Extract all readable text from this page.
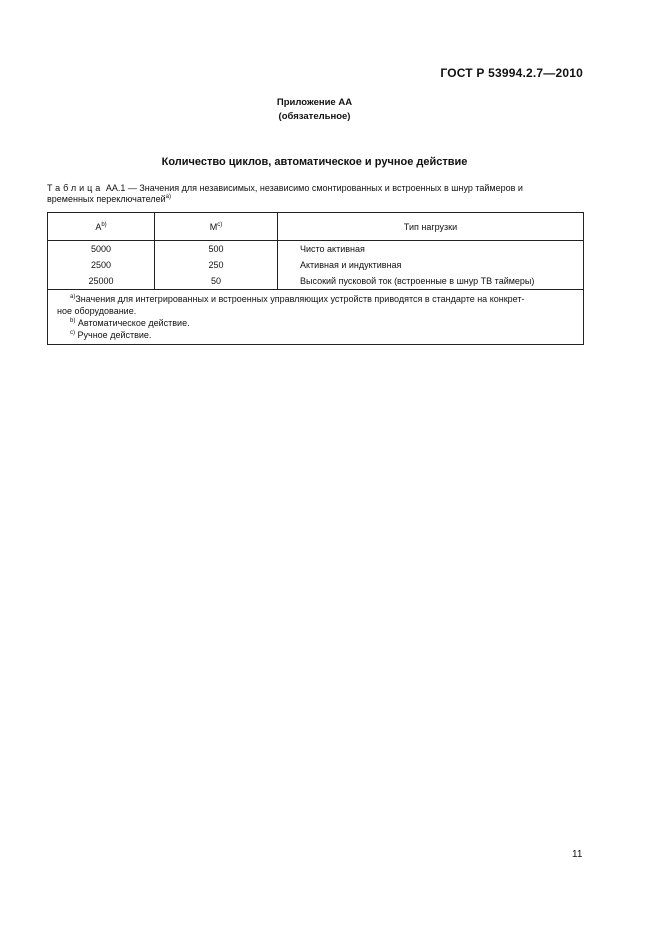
ГОСТ Р 53994.2.7—2010
Приложение АА
(обязательное)
Количество циклов, автоматическое и ручное действие
Таблица АА.1 — Значения для независимых, независимо смонтированных и встроенных в шнур таймеров и
временных переключателей$^{a)}$
$A^{b)}$	$M^{c)}$	Тип нагрузки
5000	500	Чисто активная
2500	250	Активная и индуктивная
25000	50	Высокий пусковой ток (встроенные в шнур ТВ таймеры)

$^{a)}$Значения для интегрированных и встроенных управляющих устройств приводятся в стандарте на конкрет-
ное оборудование.
$^{b)}$ Автоматическое действие.
$^{c)}$ Ручное действие.		
11
